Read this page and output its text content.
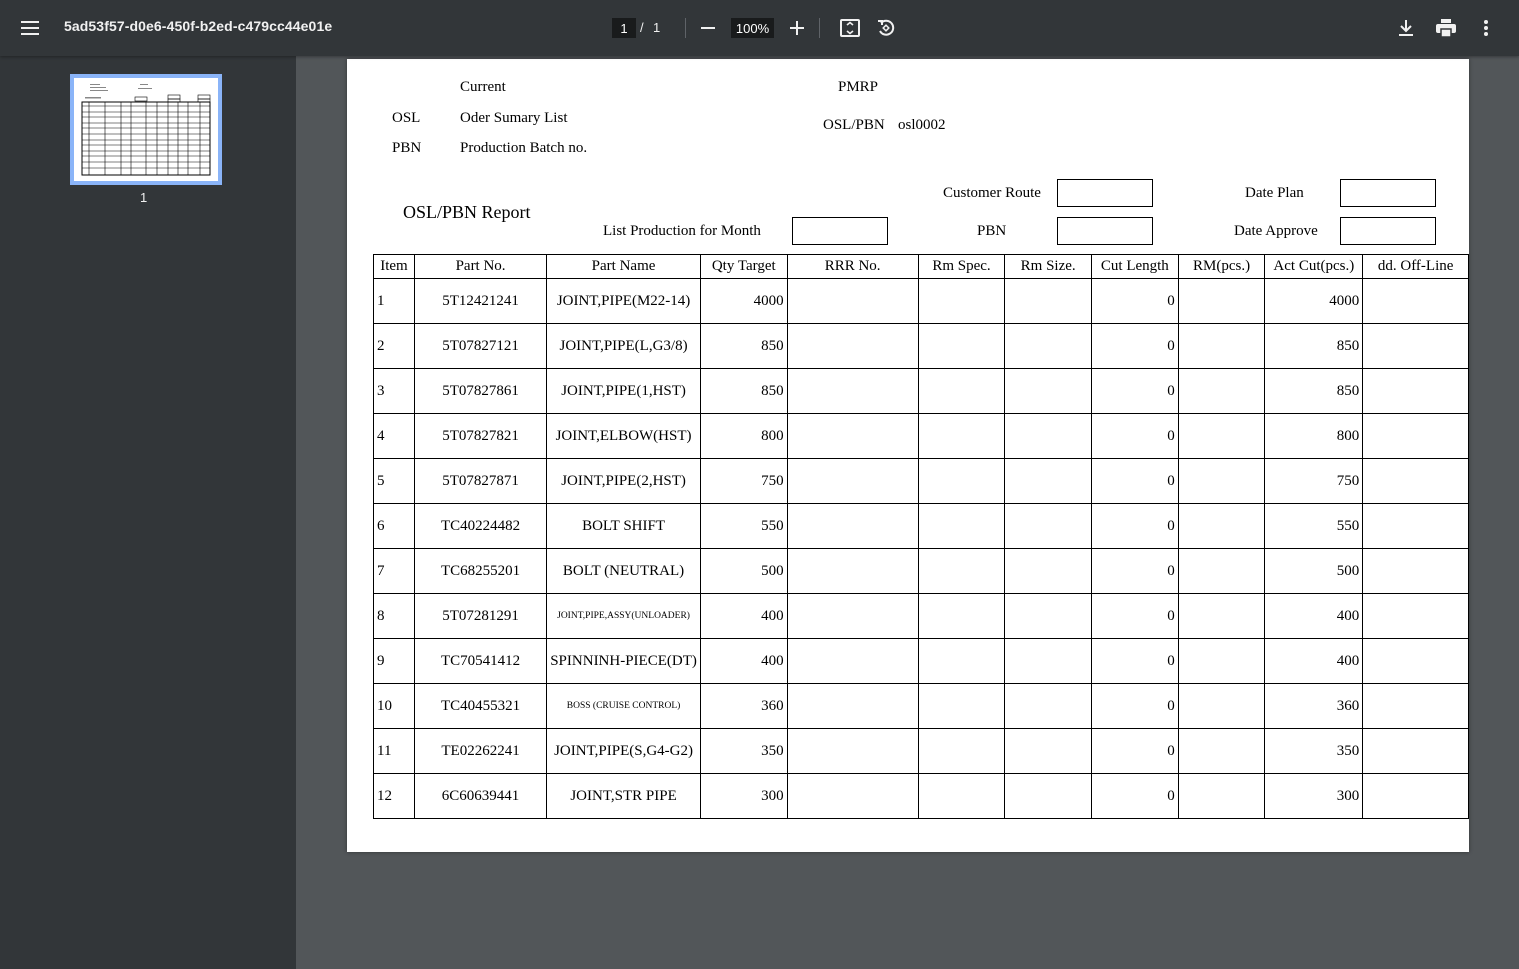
5ad53f57-d0e6-450f-b2ed-c479cc44e01e	1 / 1	100%
1
Current	PMRP
OSL	Oder Sumary List	OSL/PBN osl0002
PBN	Production Batch no.
Customer Route	Date Plan
OSL/PBN Report
List Production for Month	PBN	Date Approve
Item	Part No.	Part Name	Qty Target	RRR No.	Rm Spec.	Rm Size.	Cut Length	RM(pcs.)	Act Cut(pcs.)	dd. Off-Line
1	5T12421241	JOINT,PIPE(M22-14)	4000				0		4000	
2	5T07827121	JOINT,PIPE(L,G3/8)	850				0		850	
3	5T07827861	JOINT,PIPE(1,HST)	850				0		850	
4	5T07827821	JOINT,ELBOW(HST)	800				0		800	
5	5T07827871	JOINT,PIPE(2,HST)	750				0		750	
6	TC40224482	BOLT SHIFT	550				0		550	
7	TC68255201	BOLT (NEUTRAL)	500				0		500	
8	5T07281291	JOINT,PIPE,ASSY(UNLOADER)	400				0		400	
9	TC70541412	SPINNINH-PIECE(DT)	400				0		400	
10	TC40455321	BOSS (CRUISE CONTROL)	360				0		360	
11	TE02262241	JOINT,PIPE(S,G4-G2)	350				0		350	
12	6C60639441	JOINT,STR PIPE	300				0		300	
